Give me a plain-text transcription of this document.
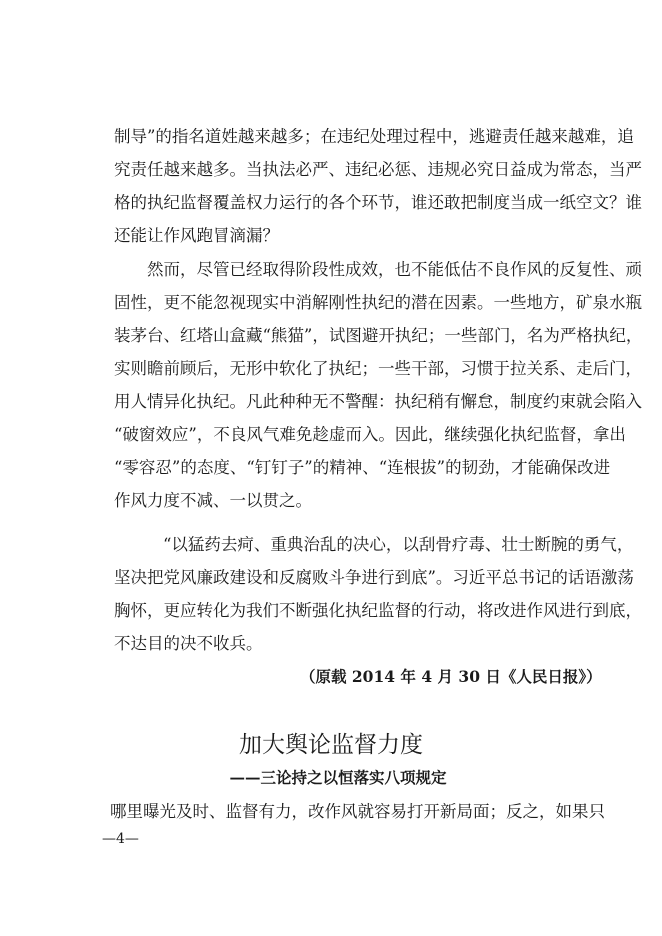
制导”的指名道姓越来越多；在违纪处理过程中，逃避责任越来越难，追
究责任越来越多。当执法必严、违纪必惩、违规必究日益成为常态，当严
格的执纪监督覆盖权力运行的各个环节，谁还敢把制度当成一纸空文？谁
还能让作风跑冒滴漏？
然而，尽管已经取得阶段性成效，也不能低估不良作风的反复性、顽
固性，更不能忽视现实中消解刚性执纪的潜在因素。一些地方，矿泉水瓶
装茅台、红塔山盒藏“熊猫”，试图避开执纪；一些部门，名为严格执纪，
实则瞻前顾后，无形中软化了执纪；一些干部，习惯于拉关系、走后门，
用人情异化执纪。凡此种种无不警醒：执纪稍有懈怠，制度约束就会陷入
“破窗效应”，不良风气难免趁虚而入。因此，继续强化执纪监督，拿出
“零容忍”的态度、“钉钉子”的精神、“连根拔”的韧劲，才能确保改进
作风力度不减、一以贯之。
“以猛药去疴、重典治乱的决心，以刮骨疗毒、壮士断腕的勇气，
坚决把党风廉政建设和反腐败斗争进行到底”。习近平总书记的话语激荡
胸怀，更应转化为我们不断强化执纪监督的行动，将改进作风进行到底，
不达目的决不收兵。
（原载 2014 年 4 月 30 日《人民日报》）
加大舆论监督力度
——三论持之以恒落实八项规定
哪里曝光及时、监督有力，改作风就容易打开新局面；反之，如果只
—4—
